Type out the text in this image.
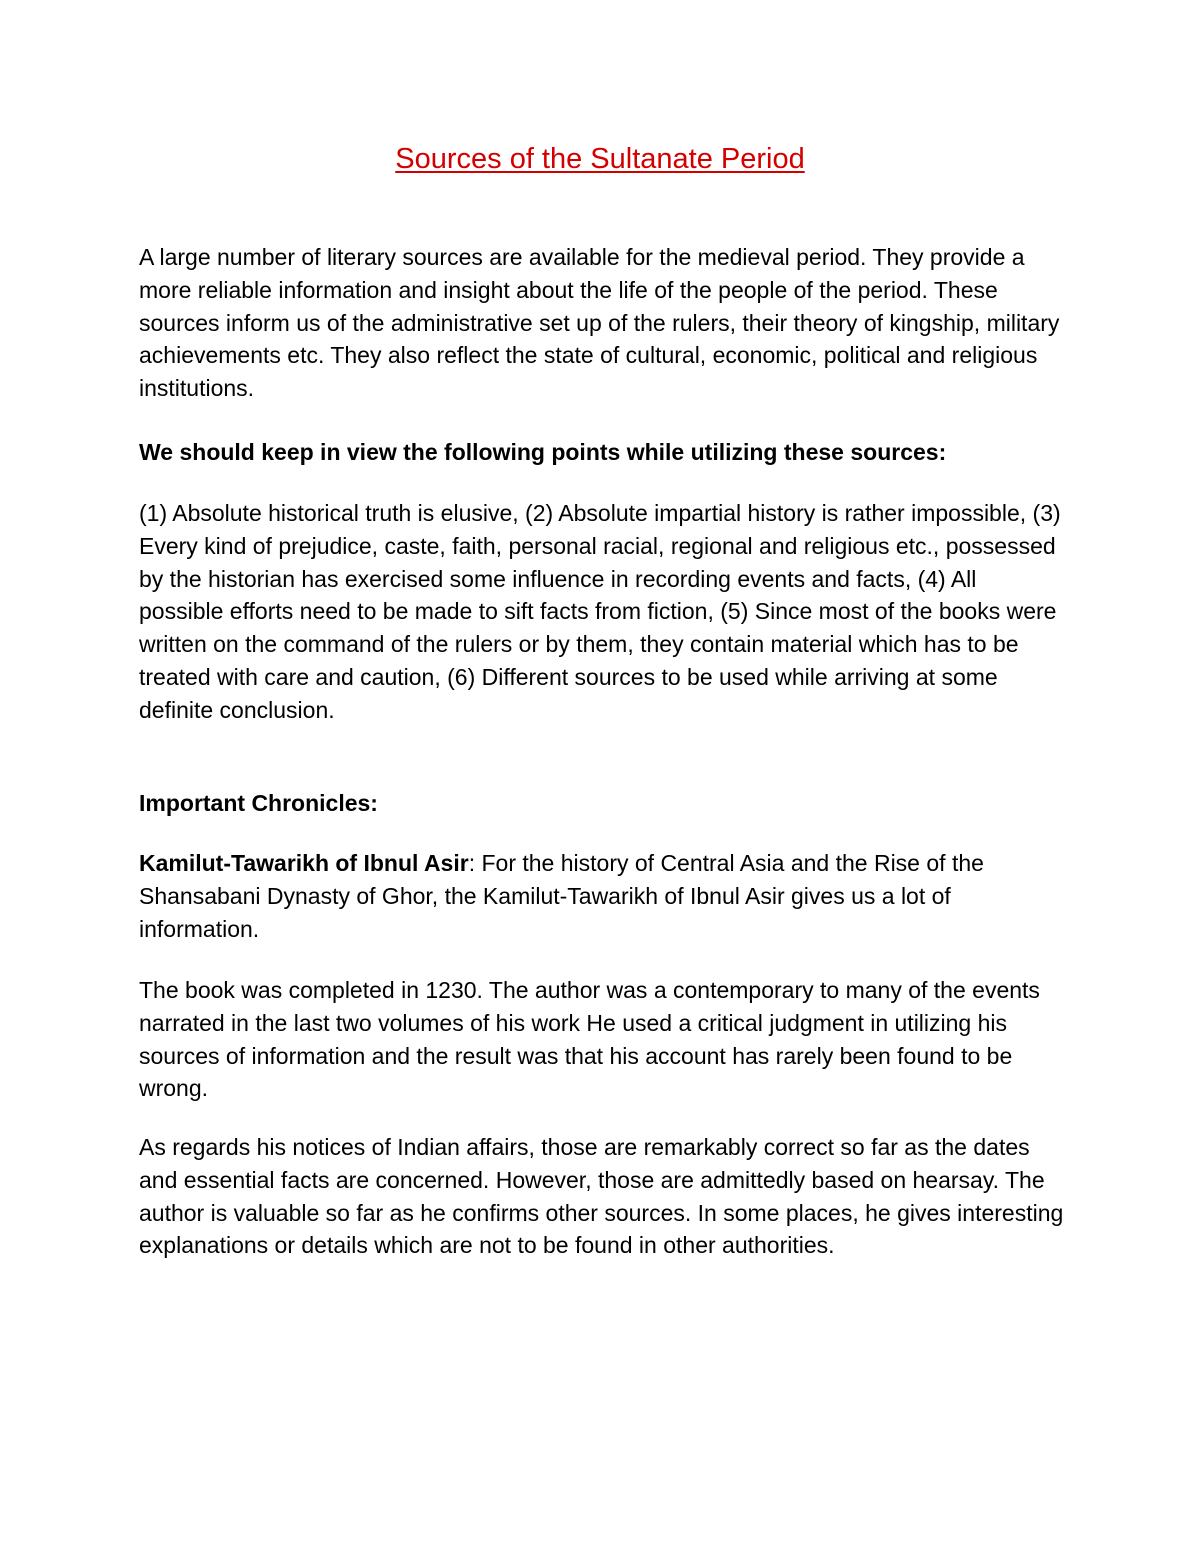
Sources of the Sultanate Period

A large number of literary sources are available for the medieval period. They provide a more reliable information and insight about the life of the people of the period. These sources inform us of the administrative set up of the rulers, their theory of kingship, military achievements etc. They also reflect the state of cultural, economic, political and religious institutions.

We should keep in view the following points while utilizing these sources:

(1) Absolute historical truth is elusive, (2) Absolute impartial history is rather impossible, (3) Every kind of prejudice, caste, faith, personal racial, regional and religious etc., possessed by the historian has exercised some influence in recording events and facts, (4) All possible efforts need to be made to sift facts from fiction, (5) Since most of the books were written on the command of the rulers or by them, they contain material which has to be treated with care and caution, (6) Different sources to be used while arriving at some definite conclusion.

Important Chronicles:

Kamilut-Tawarikh of Ibnul Asir: For the history of Central Asia and the Rise of the Shansabani Dynasty of Ghor, the Kamilut-Tawarikh of Ibnul Asir gives us a lot of information.

The book was completed in 1230. The author was a contemporary to many of the events narrated in the last two volumes of his work He used a critical judgment in utilizing his sources of information and the result was that his account has rarely been found to be wrong.

As regards his notices of Indian affairs, those are remarkably correct so far as the dates and essential facts are concerned. However, those are admittedly based on hearsay. The author is valuable so far as he confirms other sources. In some places, he gives interesting explanations or details which are not to be found in other authorities.
